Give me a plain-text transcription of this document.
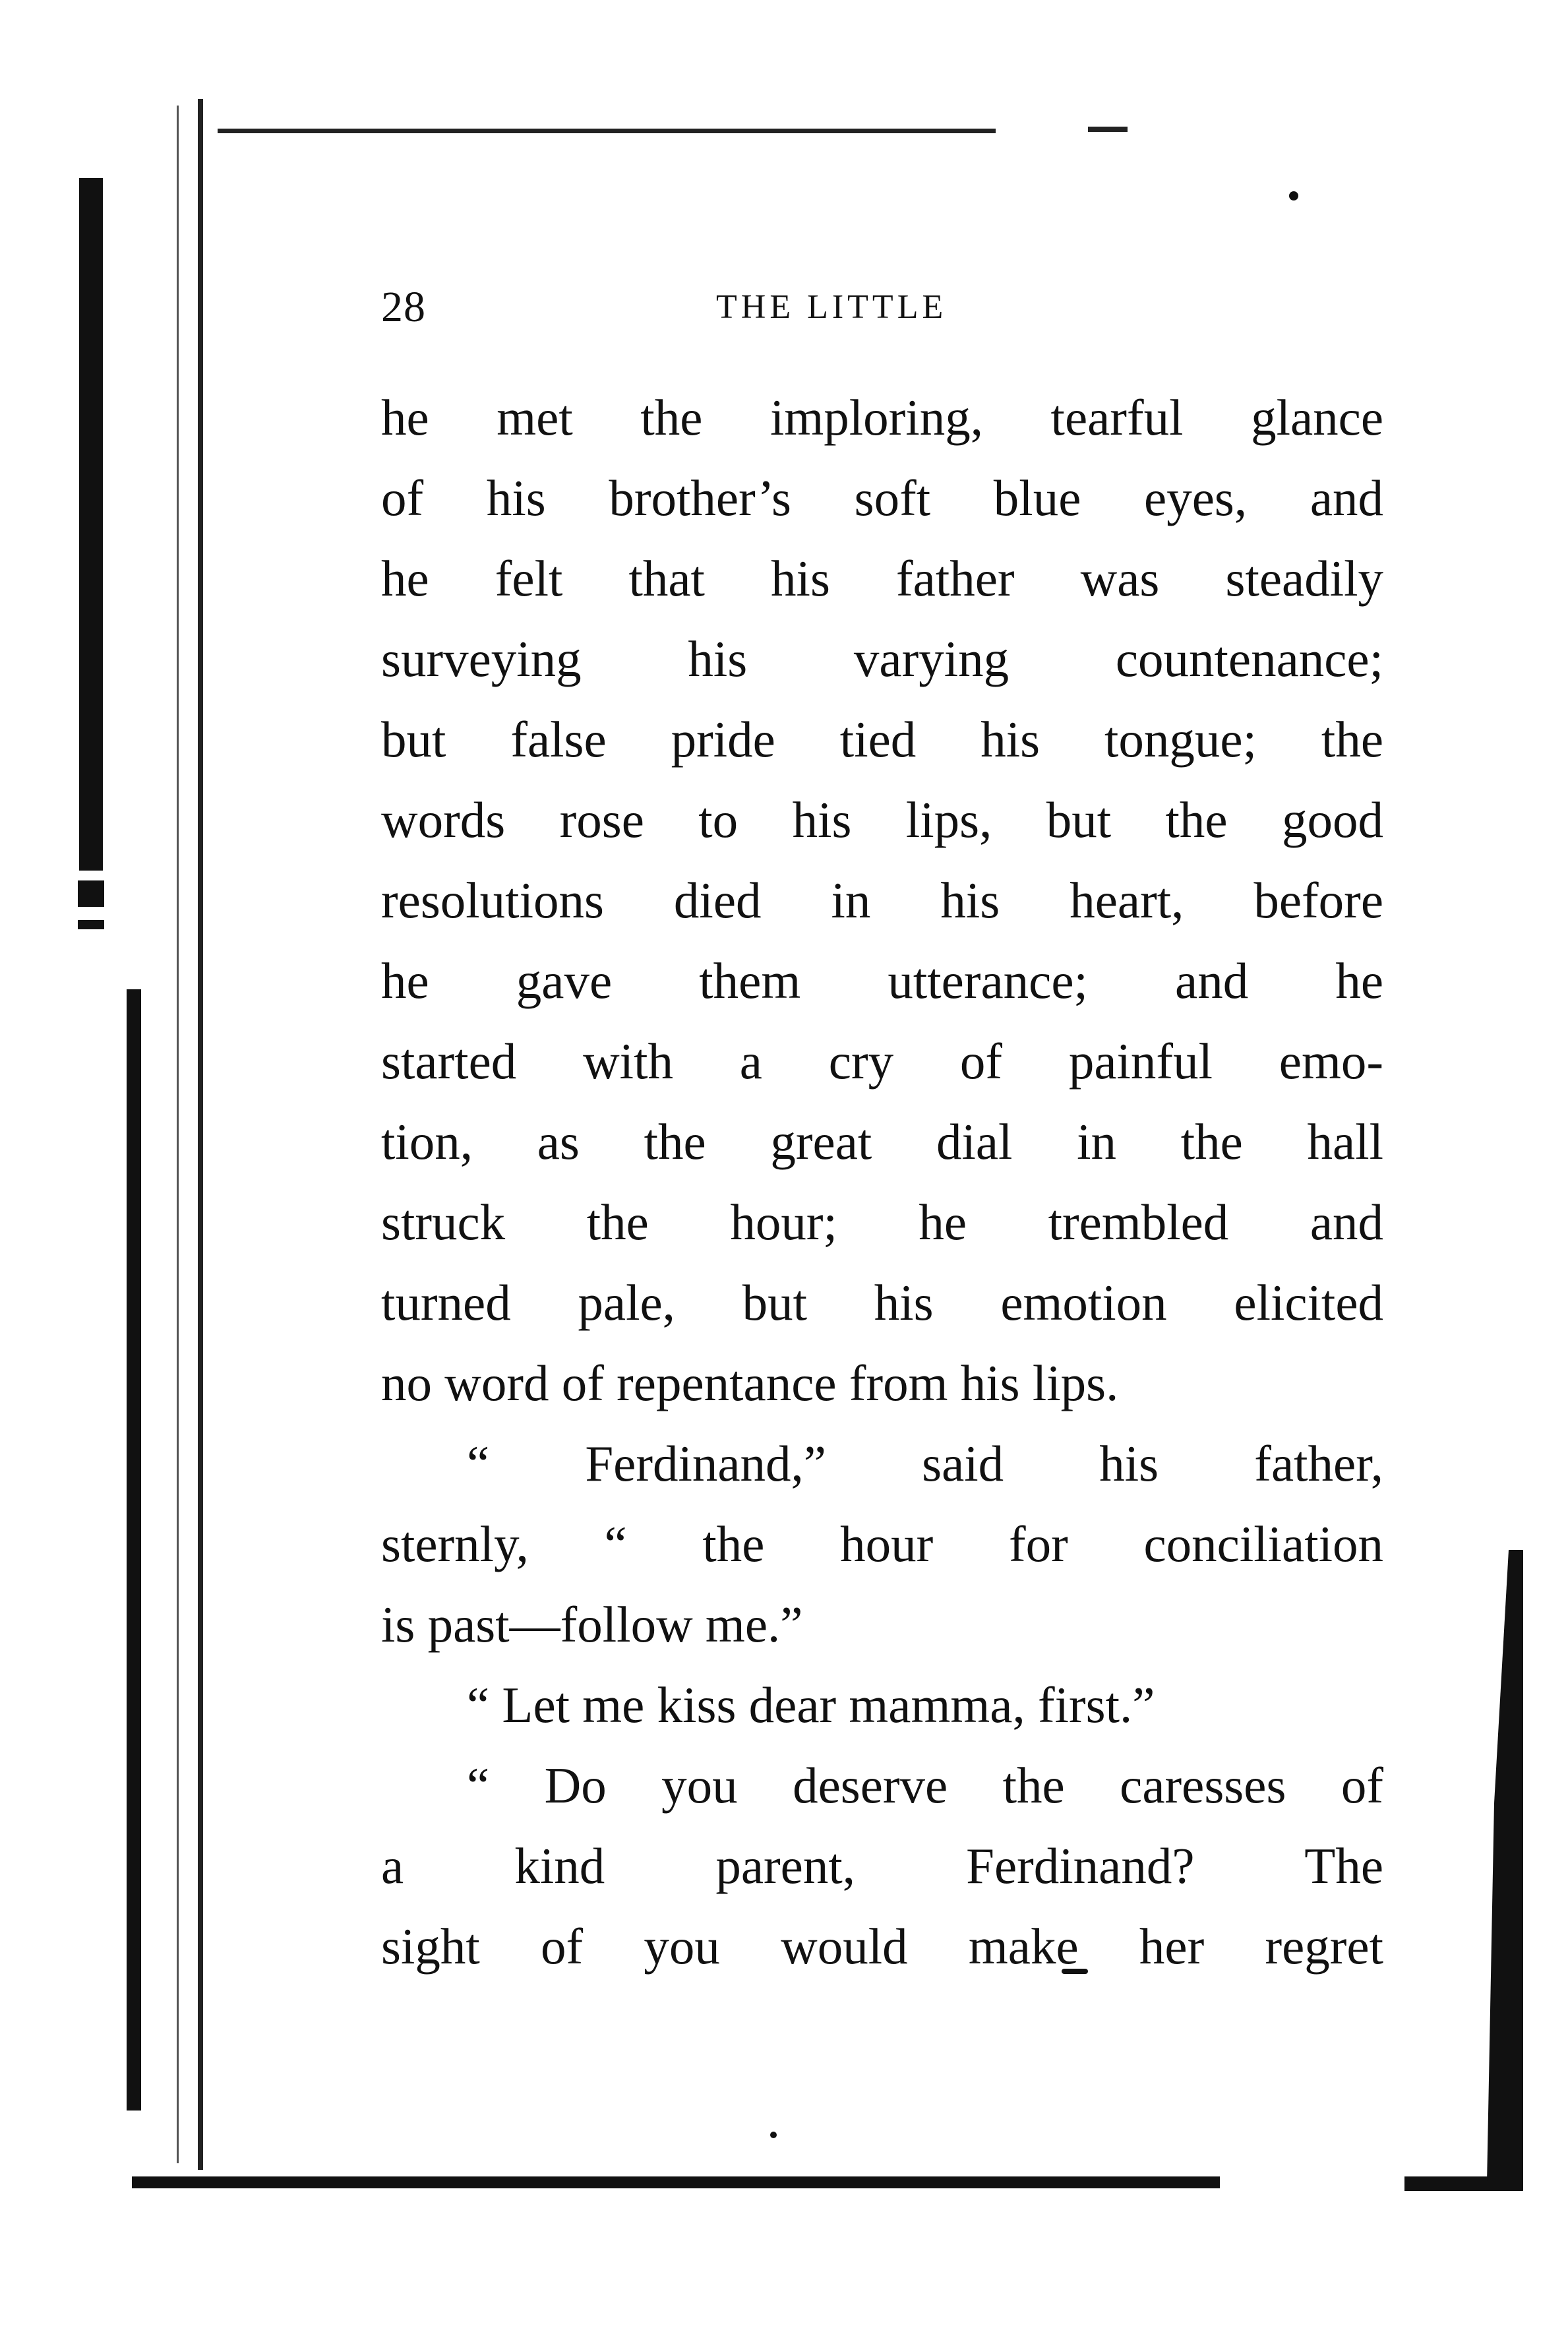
28	THE LITTLE
he met the imploring, tearful glance
of his brother’s soft blue eyes, and
he felt that his father was steadily
surveying his varying countenance;
but false pride tied his tongue; the
words rose to his lips, but the good
resolutions died in his heart, before
he gave them utterance; and he
started with a cry of painful emo-
tion, as the great dial in the hall
struck the hour; he trembled and
turned pale, but his emotion elicited
no word of repentance from his lips.
“ Ferdinand,” said his father,
sternly, “ the hour for conciliation
is past—follow me.”
“ Let me kiss dear mamma, first.”
“ Do you deserve the caresses of
a kind parent, Ferdinand? The
sight of you would make her regret
